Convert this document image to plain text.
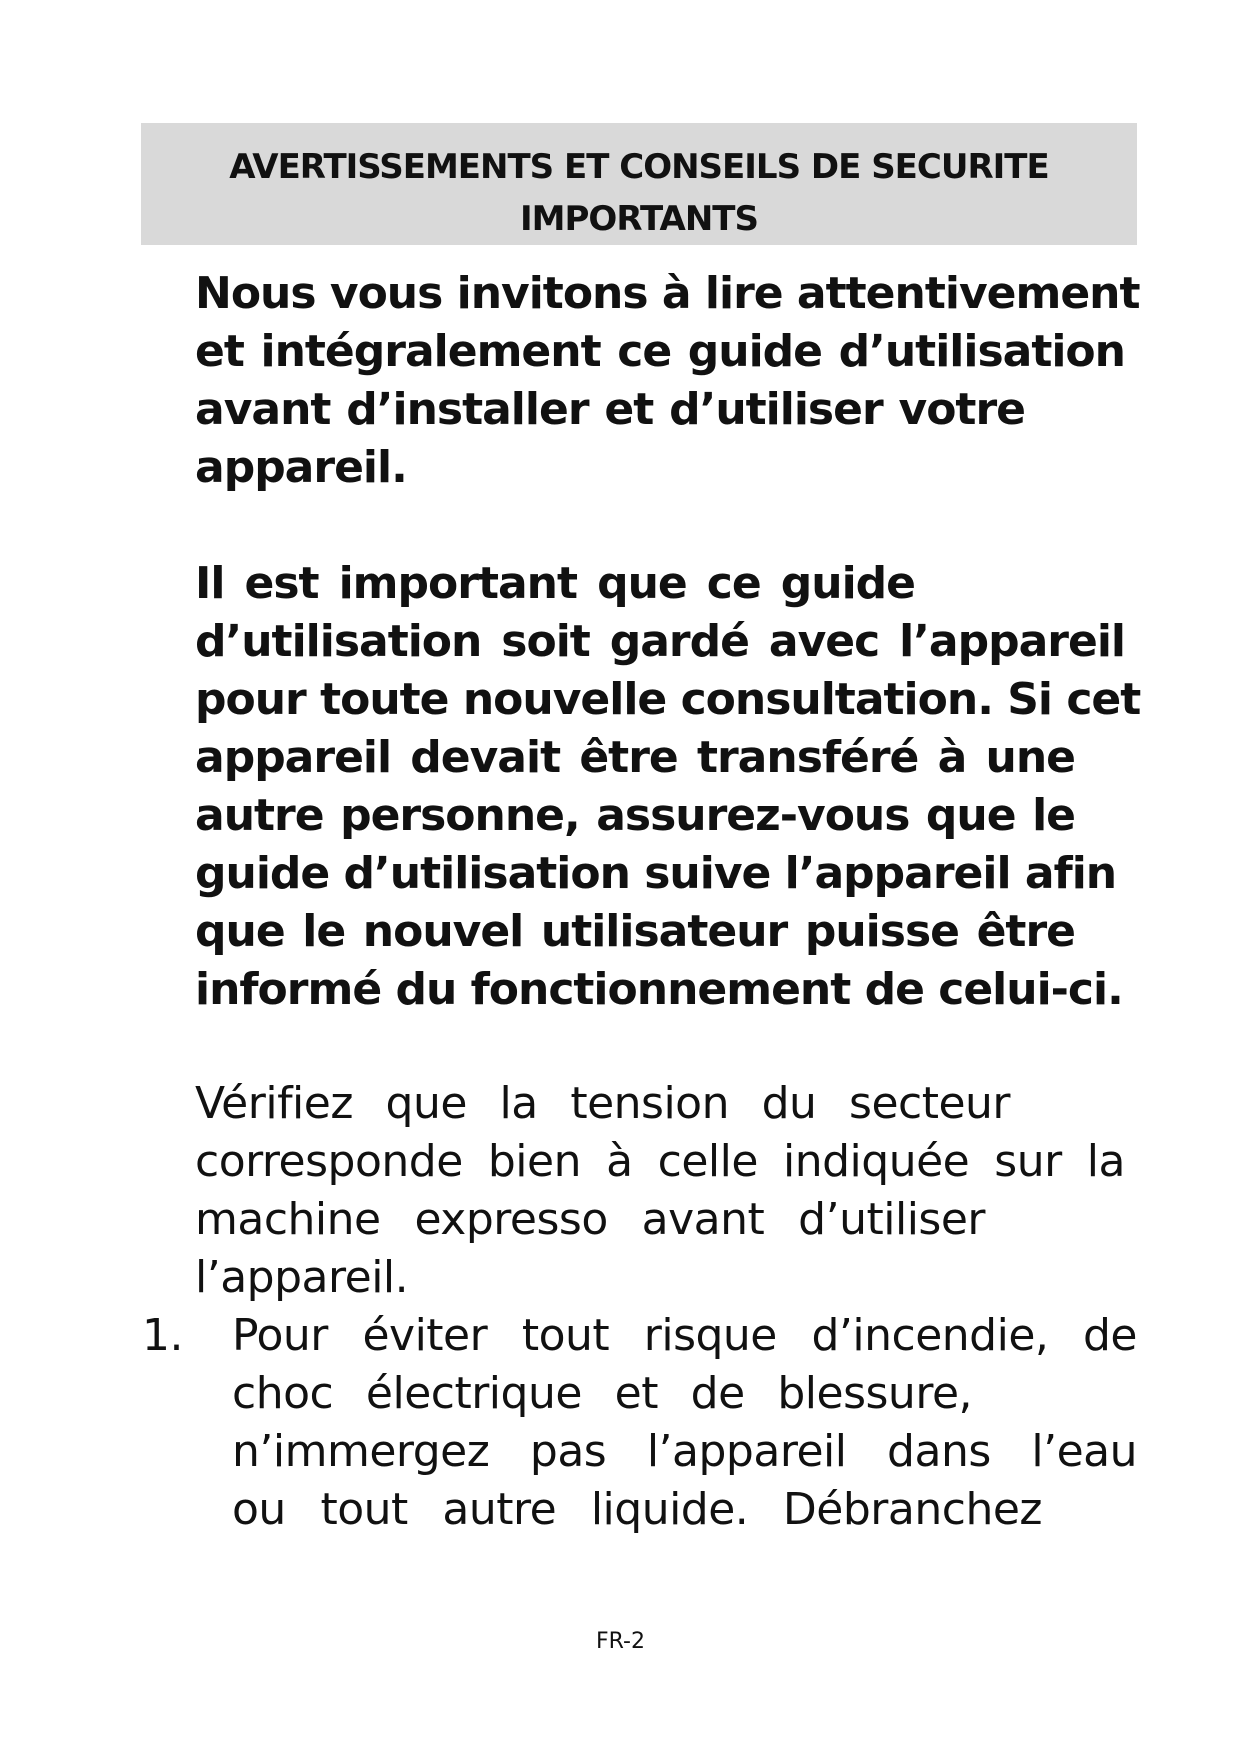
AVERTISSEMENTS ET CONSEILS DE SECURITE
IMPORTANTS
Nous vous invitons à lire attentivement
et intégralement ce guide d’utilisation
avant d’installer et d’utiliser votre
appareil.
Il est important que ce guide
d’utilisation soit gardé avec l’appareil
pour toute nouvelle consultation. Si cet
appareil devait être transféré à une
autre personne, assurez-vous que le
guide d’utilisation suive l’appareil afin
que le nouvel utilisateur puisse être
informé du fonctionnement de celui-ci.
Vérifiez que la tension du secteur
corresponde bien à celle indiquée sur la
machine expresso avant d’utiliser
l’appareil.
1. Pour éviter tout risque d’incendie, de
choc électrique et de blessure,
n’immergez pas l’appareil dans l’eau
ou tout autre liquide. Débranchez
FR-2
